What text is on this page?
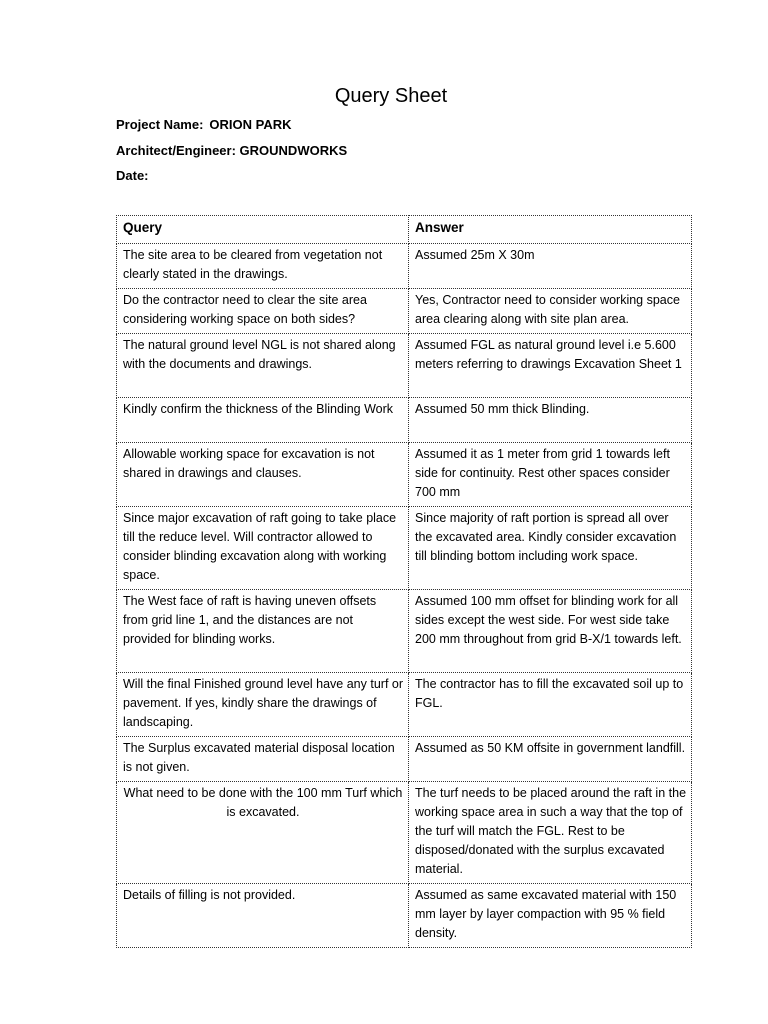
Query Sheet
Project Name: ORION PARK
Architect/Engineer: GROUNDWORKS
Date:
Query	Answer
The site area to be cleared from vegetation not clearly stated in the drawings.	Assumed 25m X 30m
Do the contractor need to clear the site area considering working space on both sides?	Yes, Contractor need to consider working space area clearing along with site plan area.
The natural ground level NGL is not shared along with the documents and drawings.	Assumed FGL as natural ground level i.e 5.600 meters referring to drawings Excavation Sheet 1
Kindly confirm the thickness of the Blinding Work	Assumed 50 mm thick Blinding.
Allowable working space for excavation is not shared in drawings and clauses.	Assumed it as 1 meter from grid 1 towards left side for continuity. Rest other spaces consider 700 mm
Since major excavation of raft going to take place till the reduce level. Will contractor allowed to consider blinding excavation along with working space.	Since majority of raft portion is spread all over the excavated area. Kindly consider excavation till blinding bottom including work space.
The West face of raft is having uneven offsets from grid line 1, and the distances are not provided for blinding works.	Assumed 100 mm offset for blinding work for all sides except the west side. For west side take 200 mm throughout from grid B-X/1 towards left.
Will the final Finished ground level have any turf or pavement. If yes, kindly share the drawings of landscaping.	The contractor has to fill the excavated soil up to FGL.
The Surplus excavated material disposal location is not given.	Assumed as 50 KM offsite in government landfill.
What need to be done with the 100 mm Turf which is excavated.	The turf needs to be placed around the raft in the working space area in such a way that the top of the turf will match the FGL. Rest to be disposed/donated with the surplus excavated material.
Details of filling is not provided.	Assumed as same excavated material with 150 mm layer by layer compaction with 95 % field density.
